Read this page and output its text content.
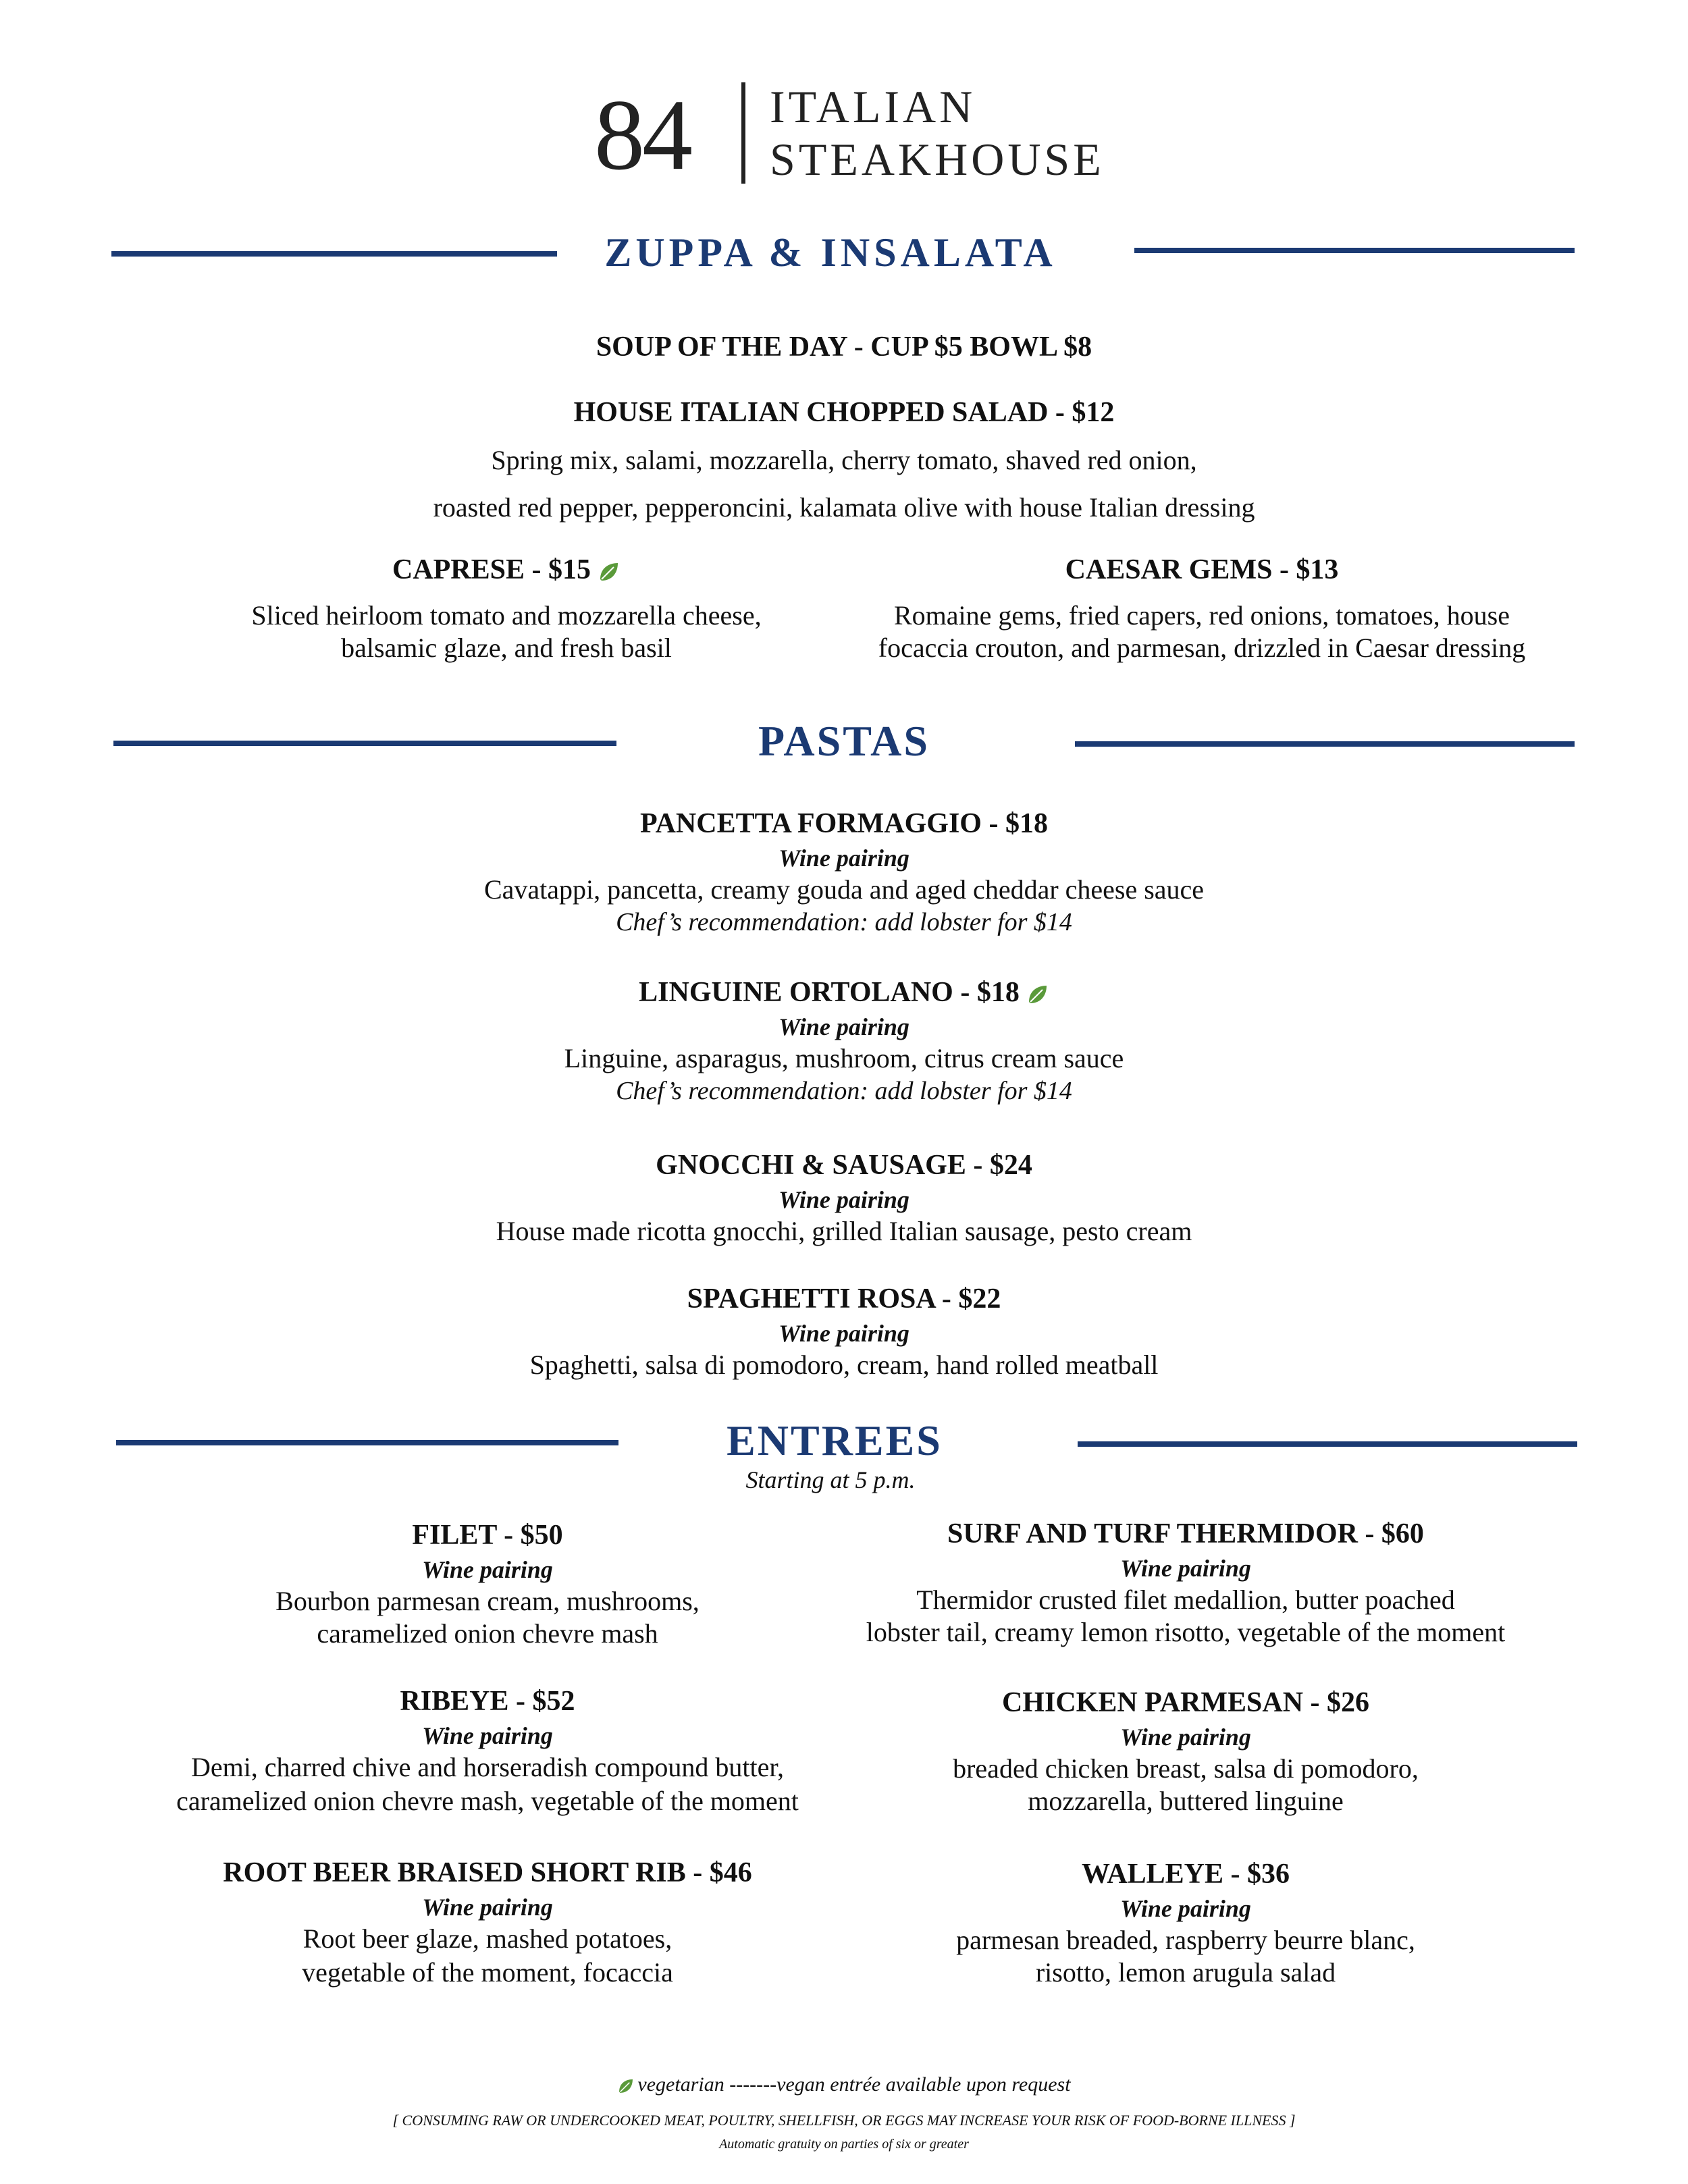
84	ITALIAN
STEAKHOUSE
ZUPPA & INSALATA
SOUP OF THE DAY - CUP $5 BOWL $8
HOUSE ITALIAN CHOPPED SALAD - $12
Spring mix, salami, mozzarella, cherry tomato, shaved red onion,
roasted red pepper, pepperoncini, kalamata olive with house Italian dressing
CAPRESE - $15
Sliced heirloom tomato and mozzarella cheese,
balsamic glaze, and fresh basil
CAESAR GEMS - $13
Romaine gems, fried capers, red onions, tomatoes, house
focaccia crouton, and parmesan, drizzled in Caesar dressing
PASTAS
PANCETTA FORMAGGIO - $18
Wine pairing
Cavatappi, pancetta, creamy gouda and aged cheddar cheese sauce
Chef’s recommendation: add lobster for $14
LINGUINE ORTOLANO - $18
Wine pairing
Linguine, asparagus, mushroom, citrus cream sauce
Chef’s recommendation: add lobster for $14
GNOCCHI & SAUSAGE - $24
Wine pairing
House made ricotta gnocchi, grilled Italian sausage, pesto cream
SPAGHETTI ROSA - $22
Wine pairing
Spaghetti, salsa di pomodoro, cream, hand rolled meatball
ENTREES
Starting at 5 p.m.
FILET - $50
Wine pairing
Bourbon parmesan cream, mushrooms,
caramelized onion chevre mash
RIBEYE - $52
Wine pairing
Demi, charred chive and horseradish compound butter,
caramelized onion chevre mash, vegetable of the moment
ROOT BEER BRAISED SHORT RIB - $46
Wine pairing
Root beer glaze, mashed potatoes,
vegetable of the moment, focaccia
SURF AND TURF THERMIDOR - $60
Wine pairing
Thermidor crusted filet medallion, butter poached
lobster tail, creamy lemon risotto, vegetable of the moment
CHICKEN PARMESAN - $26
Wine pairing
breaded chicken breast, salsa di pomodoro,
mozzarella, buttered linguine
WALLEYE - $36
Wine pairing
parmesan breaded, raspberry beurre blanc,
risotto, lemon arugula salad
vegetarian -------vegan entrée available upon request
[ CONSUMING RAW OR UNDERCOOKED MEAT, POULTRY, SHELLFISH, OR EGGS MAY INCREASE YOUR RISK OF FOOD-BORNE ILLNESS ]
Automatic gratuity on parties of six or greater
